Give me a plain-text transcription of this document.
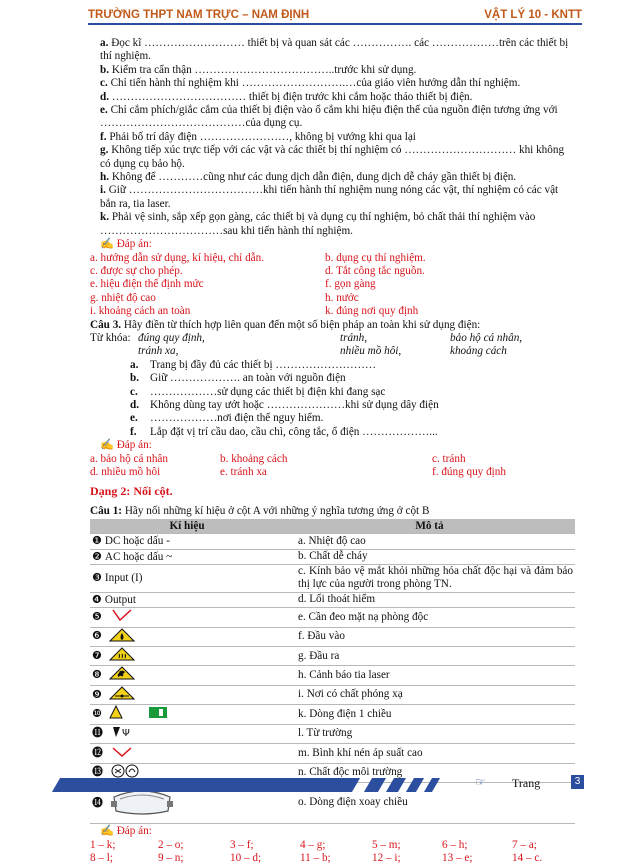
TRƯỜNG THPT NAM TRỰC – NAM ĐỊNH	VẬT LÝ 10 - KNTT
a. Đọc kĩ ……………………… thiết bị và quan sát các ……………. các ………………trên các thiết bị thí nghiệm.
b. Kiểm tra cẩn thận ………………………………..trước khi sử dụng.
c. Chỉ tiến hành thí nghiệm khi ……………………….…của giáo viên hướng dẫn thí nghiệm.
d. ……………………………… thiết bị điện trước khi cắm hoặc tháo thiết bị điện.
e. Chỉ cắm phích/giắc cắm của thiết bị điện vào ổ cắm khi hiệu điện thế của nguồn điện tương ứng với …………………………………của dụng cụ.
f. Phải bố trí dây điện ……………………, không bị vướng khi qua lại
g. Không tiếp xúc trực tiếp với các vật và các thiết bị thí nghiệm có ………………………… khi không có dụng cụ bảo hộ.
h. Không để …………cũng như các dung dịch dẫn điện, dung dịch dễ cháy gần thiết bị điện.
i. Giữ ………………………………khi tiến hành thí nghiệm nung nóng các vật, thí nghiệm có các vật bắn ra, tia laser.
k. Phải vệ sinh, sắp xếp gọn gàng, các thiết bị và dụng cụ thí nghiệm, bỏ chất thải thí nghiệm vào ……………………………sau khi tiến hành thí nghiệm.
✍ Đáp án:
a. hướng dẫn sử dụng, kí hiệu, chỉ dẫn.	b. dụng cụ thí nghiệm.
c. được sự cho phép.	d. Tắt công tắc nguồn.
e. hiệu điện thế định mức	f. gọn gàng
g. nhiệt độ cao	h. nước
i. khoảng cách an toàn	k. đúng nơi quy định
Câu 3. Hãy điền từ thích hợp liên quan đến một số biện pháp an toàn khi sử dụng điện:
Từ khóa: đúng quy định,	tránh,	bảo hộ cá nhân,
tránh xa,	nhiều mồ hôi,	khoảng cách
a. Trang bị đầy đủ các thiết bị ………………………
b. Giữ ………………. an toàn với nguồn điện
c. ………………sử dụng các thiết bị điện khi đang sạc
d. Không dùng tay ướt hoặc …………………khi sử dụng dây điện
e. ………………nơi điện thế nguy hiểm.
f. Lắp đặt vị trí cầu dao, cầu chì, công tắc, ổ điện ………………...
✍ Đáp án:
a. bảo hộ cá nhân	b. khoảng cách	c. tránh
d. nhiều mồ hôi	e. tránh xa	f. đúng quy định
Dạng 2: Nối cột.
Câu 1: Hãy nối những kí hiệu ở cột A với những ý nghĩa tương ứng ở cột B
Kí hiệu	Mô tả
❶ DC hoặc dấu -	a. Nhiệt độ cao
❷ AC hoặc dấu ~	b. Chất dễ cháy
❸ Input (I)	c. Kính bảo vệ mắt khỏi những hóa chất độc hại và đảm bảo thị lực của người trong phòng TN.
❹ Output	d. Lối thoát hiểm
❺	e. Cần đeo mặt nạ phòng độc
❻	f. Đầu vào
❼	g. Đầu ra
❽	h. Cảnh báo tia laser
❾	i. Nơi có chất phóng xạ
❿	k. Dòng điện 1 chiều
⓫ Ψ	l. Từ trường
⓬	m. Bình khí nén áp suất cao
⓭	n. Chất độc môi trường
⓮	o. Dòng điện xoay chiều
✍ Đáp án:
1 – k;	2 – o;	3 – f;	4 – g;	5 – m;	6 – h;	7 – a;
8 – l;	9 – n;	10 – d;	11 – b;	12 – i;	13 – e;	14 – c.
☞ Trang	3
